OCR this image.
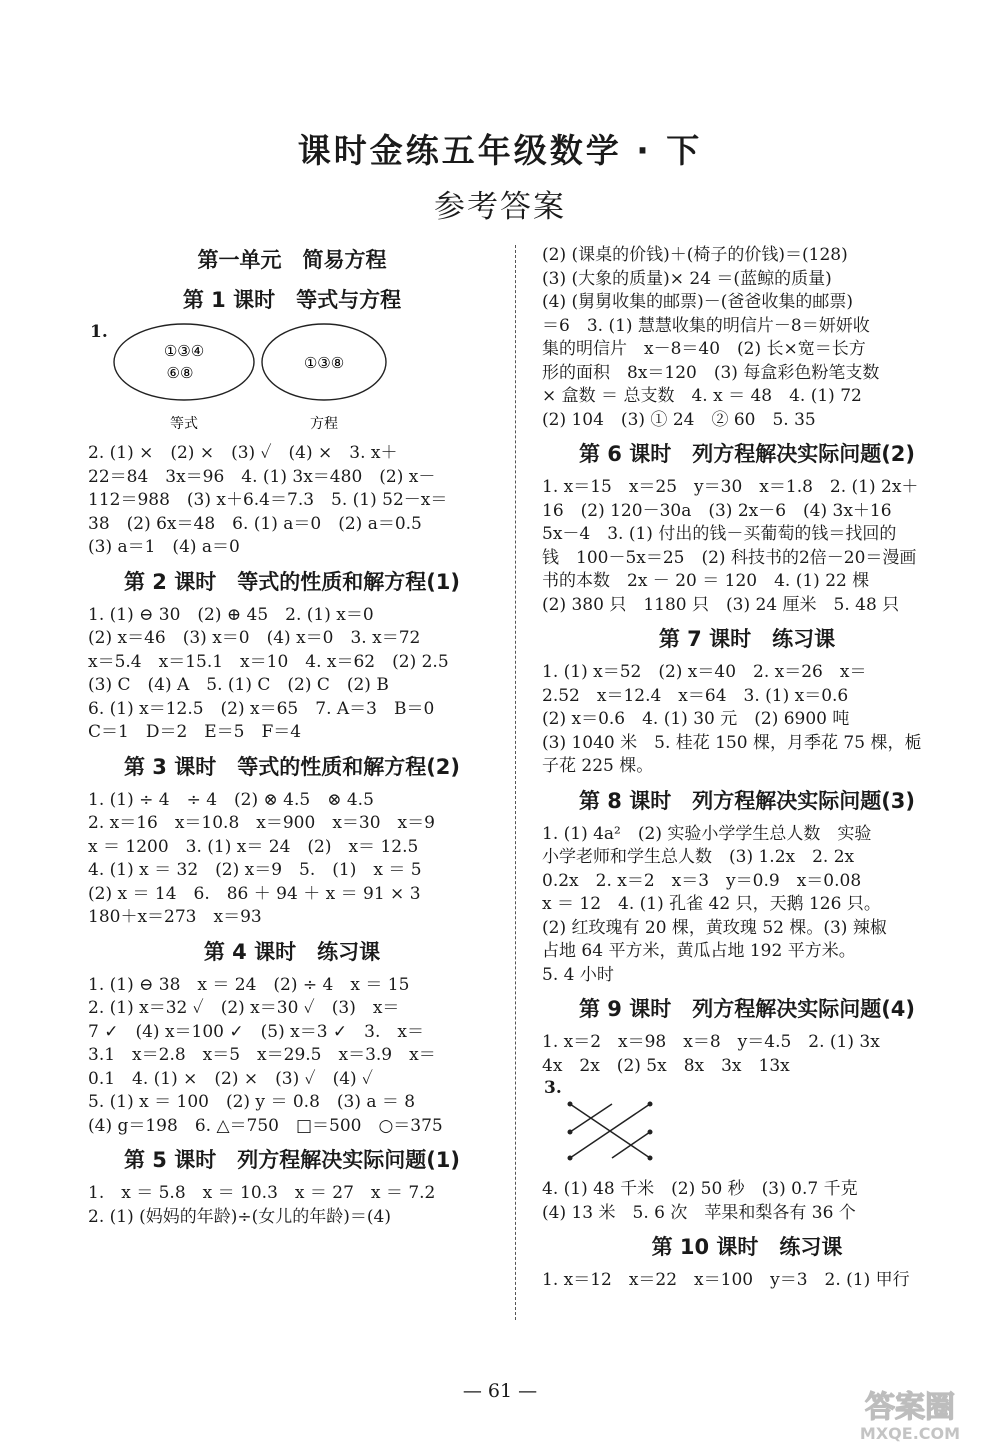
课时金练五年级数学 · 下
参考答案
第一单元　简易方程
第 1 课时　等式与方程
1.
①③④
⑥⑧
①③⑧
等式	方程
2. (1) ×　(2) ×　(3) ✓　(4) ×　3. x＋
22＝84　3x＝96　4. (1) 3x＝480　(2) x－
112＝988　(3) x＋6.4＝7.3　5. (1) 52－x＝
38　(2) 6x＝48　6. (1) a＝0　(2) a＝0.5
(3) a＝1　(4) a＝0
第 2 课时　等式的性质和解方程(1)
1. (1) ⊖ 30　(2) ⊕ 45　2. (1) x＝0
(2) x＝46　(3) x＝0　(4) x＝0　3. x＝72
x＝5.4　x＝15.1　x＝10　4. x＝62　(2) 2.5
(3) C　(4) A　5. (1) C　(2) C　(2) B
6. (1) x＝12.5　(2) x＝65　7. A＝3　B＝0
C＝1　D＝2　E＝5　F＝4
第 3 课时　等式的性质和解方程(2)
1. (1) ÷ 4　÷ 4　(2) ⊗ 4.5　⊗ 4.5
2. x＝16　x＝10.8　x＝900　x＝30　x＝9
x ＝ 1200　3. (1) x＝ 24　(2)　x＝ 12.5
4. (1) x ＝ 32　(2) x＝9　5.　(1)　x ＝ 5
(2) x ＝ 14　6.　86 ＋ 94 ＋ x ＝ 91 × 3
180＋x＝273　x＝93
第 4 课时　练习课
1. (1) ⊖ 38　x ＝ 24　(2) ÷ 4　x ＝ 15
2. (1) x＝32 ✓　(2) x＝30 ✓　(3)　x＝
7 ✓　(4) x＝100 ✓　(5) x＝3 ✓　3.　x＝
3.1　x＝2.8　x＝5　x＝29.5　x＝3.9　x＝
0.1　4. (1) ×　(2) ×　(3) ✓　(4) ✓
5. (1) x ＝ 100　(2) y ＝ 0.8　(3) a ＝ 8
(4) g＝198　6. △＝750　□＝500　○＝375
第 5 课时　列方程解决实际问题(1)
1.　x ＝ 5.8　x ＝ 10.3　x ＝ 27　x ＝ 7.2
2. (1) (妈妈的年龄)÷(女儿的年龄)＝(4)
(2) (课桌的价钱)＋(椅子的价钱)＝(128)
(3) (大象的质量)× 24 ＝(蓝鲸的质量)
(4) (舅舅收集的邮票)－(爸爸收集的邮票)
＝6　3. (1) 慧慧收集的明信片－8＝妍妍收
集的明信片　x－8＝40　(2) 长×宽＝长方
形的面积　8x＝120　(3) 每盒彩色粉笔支数
× 盒数 ＝ 总支数　4. x ＝ 48　4. (1) 72
(2) 104　(3) ① 24　② 60　5. 35
第 6 课时　列方程解决实际问题(2)
1. x＝15　x＝25　y＝30　x＝1.8　2. (1) 2x＋
16　(2) 120－30a　(3) 2x－6　(4) 3x＋16
5x－4　3. (1) 付出的钱－买葡萄的钱＝找回的
钱　100－5x＝25　(2) 科技书的2倍－20＝漫画
书的本数　2x － 20 ＝ 120　4. (1) 22 棵
(2) 380 只　1180 只　(3) 24 厘米　5. 48 只
第 7 课时　练习课
1. (1) x＝52　(2) x＝40　2. x＝26　x＝
2.52　x＝12.4　x＝64　3. (1) x＝0.6
(2) x＝0.6　4. (1) 30 元　(2) 6900 吨
(3) 1040 米　5. 桂花 150 棵，月季花 75 棵，栀
子花 225 棵。
第 8 课时　列方程解决实际问题(3)
1. (1) 4a²　(2) 实验小学学生总人数　实验
小学老师和学生总人数　(3) 1.2x　2. 2x
0.2x　2. x＝2　x＝3　y＝0.9　x＝0.08
x ＝ 12　4. (1) 孔雀 42 只，天鹅 126 只。
(2) 红玫瑰有 20 棵，黄玫瑰 52 棵。(3) 辣椒
占地 64 平方米，黄瓜占地 192 平方米。
5. 4 小时
第 9 课时　列方程解决实际问题(4)
1. x＝2　x＝98　x＝8　y＝4.5　2. (1) 3x
4x　2x　(2) 5x　8x　3x　13x
3.
4. (1) 48 千米　(2) 50 秒　(3) 0.7 千克
(4) 13 米　5. 6 次　苹果和梨各有 36 个
第 10 课时　练习课
1. x＝12　x＝22　x＝100　y＝3　2. (1) 甲行
— 61 —	答案圈
MXQE.COM
